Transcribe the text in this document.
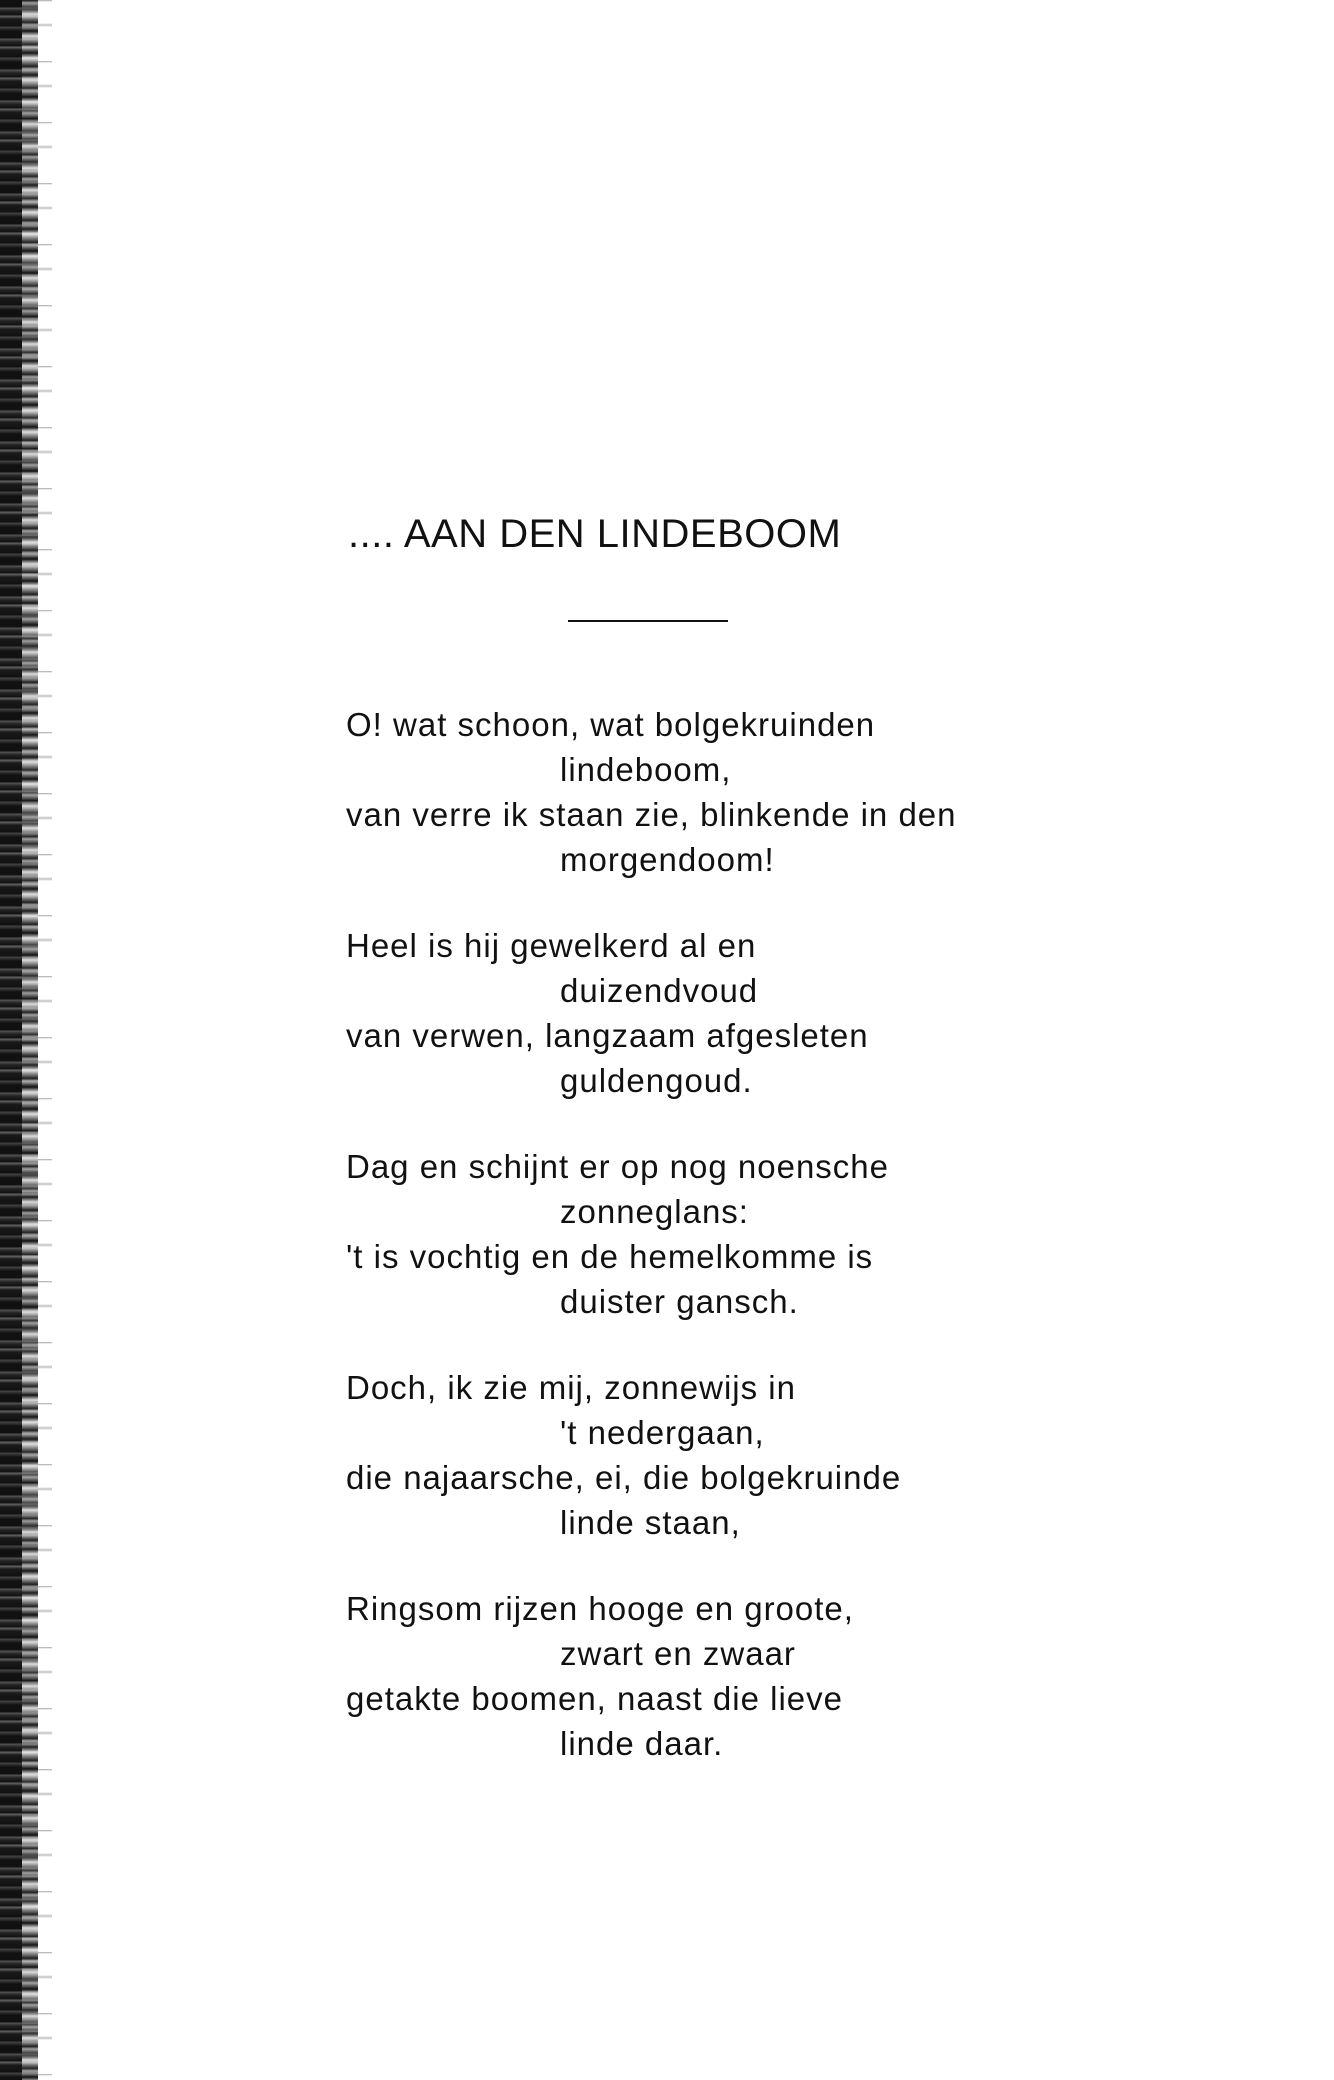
.... AAN DEN LINDEBOOM
O! wat schoon, wat bolgekruinden
lindeboom,
van verre ik staan zie, blinkende in den
morgendoom!
Heel is hij gewelkerd al en
duizendvoud
van verwen, langzaam afgesleten
guldengoud.
Dag en schijnt er op nog noensche
zonneglans:
't is vochtig en de hemelkomme is
duister gansch.
Doch, ik zie mij, zonnewijs in
't nedergaan,
die najaarsche, ei, die bolgekruinde
linde staan,
Ringsom rijzen hooge en groote,
zwart en zwaar
getakte boomen, naast die lieve
linde daar.
